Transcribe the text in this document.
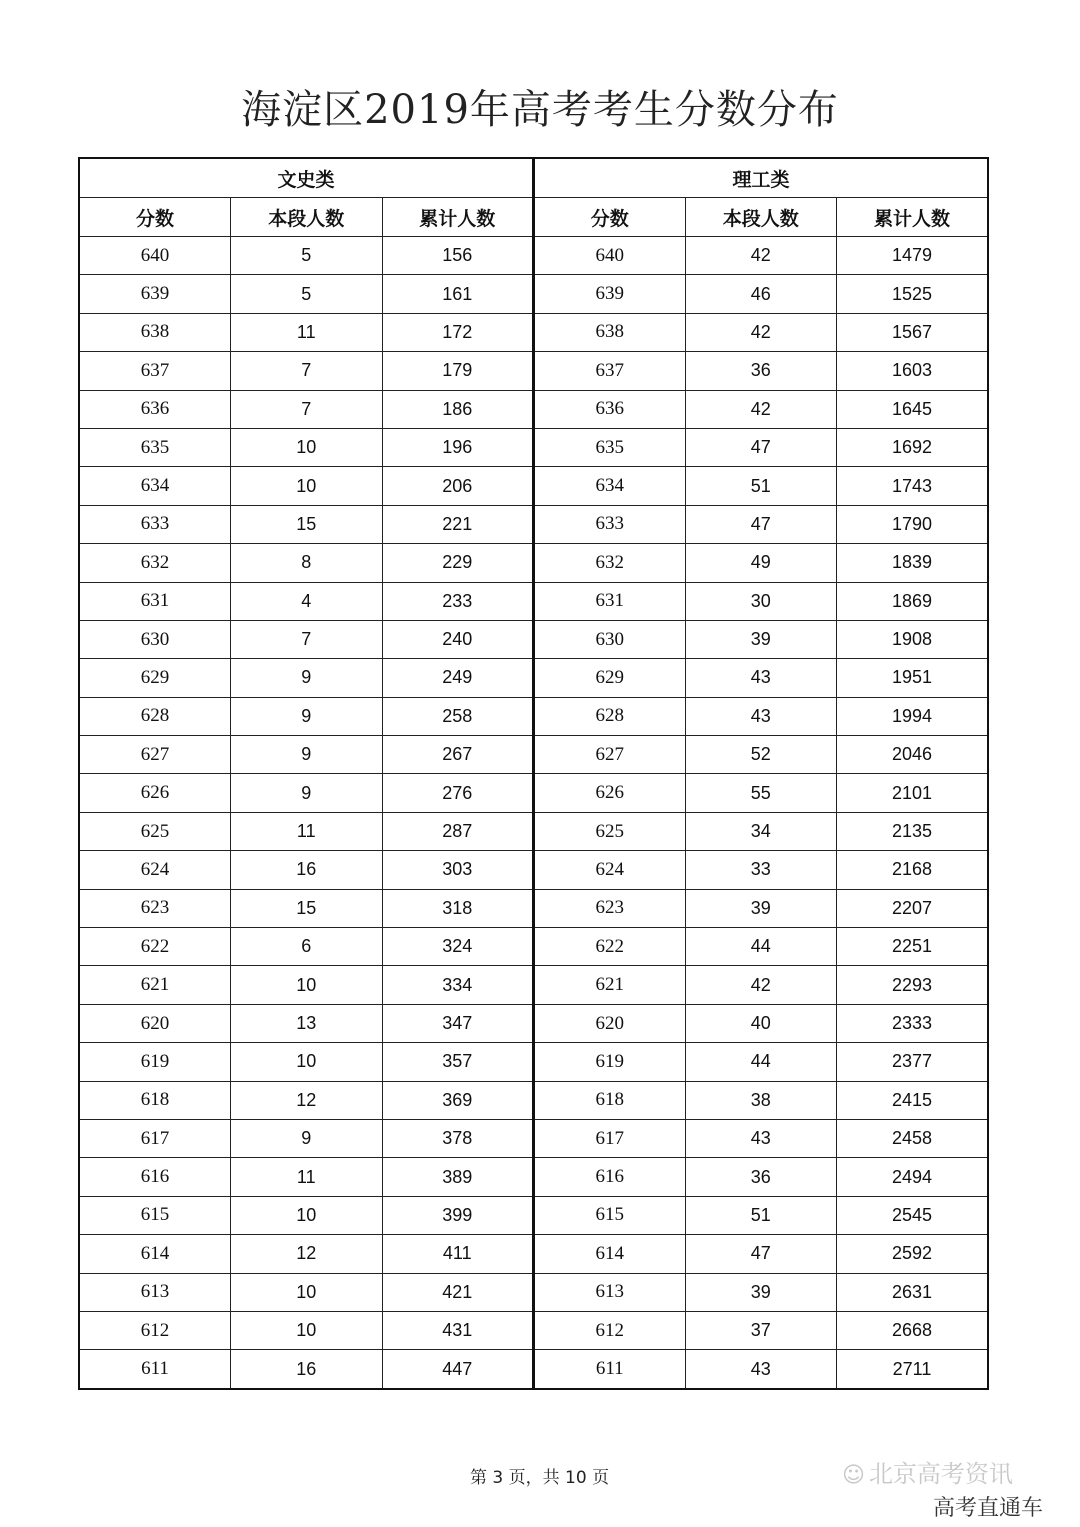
海淀区2019年高考考生分数分布
文史类			理工类		
分数	本段人数	累计人数	分数	本段人数	累计人数
640	5	156	640	42	1479
639	5	161	639	46	1525
638	11	172	638	42	1567
637	7	179	637	36	1603
636	7	186	636	42	1645
635	10	196	635	47	1692
634	10	206	634	51	1743
633	15	221	633	47	1790
632	8	229	632	49	1839
631	4	233	631	30	1869
630	7	240	630	39	1908
629	9	249	629	43	1951
628	9	258	628	43	1994
627	9	267	627	52	2046
626	9	276	626	55	2101
625	11	287	625	34	2135
624	16	303	624	33	2168
623	15	318	623	39	2207
622	6	324	622	44	2251
621	10	334	621	42	2293
620	13	347	620	40	2333
619	10	357	619	44	2377
618	12	369	618	38	2415
617	9	378	617	43	2458
616	11	389	616	36	2494
615	10	399	615	51	2545
614	12	411	614	47	2592
613	10	421	613	39	2631
612	10	431	612	37	2668
611	16	447	611	43	2711
第 3 页，共 10 页	☺ 北京高考资讯
高考直通车
